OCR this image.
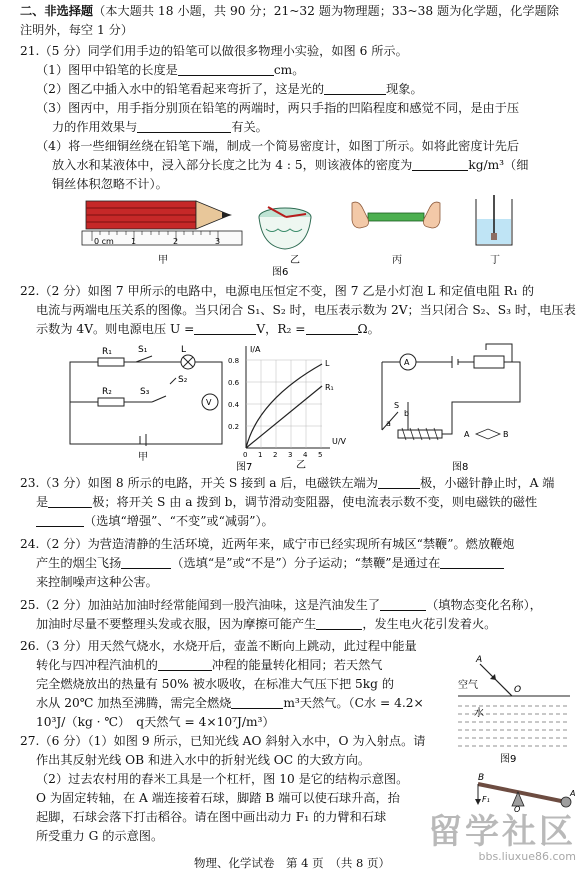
二、非选择题（本大题共 18 小题，共 90 分；21~32 题为物理题；33~38 题为化学题，化学题除
注明外，每空 1 分）
21.（5 分）同学们用手边的铅笔可以做很多物理小实验，如图 6 所示。
（1）图甲中铅笔的长度是	cm。
（2）图乙中插入水中的铅笔看起来弯折了，这是光的	现象。
（3）图丙中，用手指分别顶在铅笔的两端时，两只手指的凹陷程度和感觉不同，是由于压
力的作用效果与	有关。
（4）将一些细铜丝绕在铅笔下端，制成一个简易密度计，如图丁所示。如将此密度计先后
放入水和某液体中，浸入部分长度之比为 4 : 5，则该液体的密度为	kg/m³（细
铜丝体积忽略不计）。
0 cm 1	2	3
甲	乙	丙	丁
图6
22.（2 分）如图 7 甲所示的电路中，电源电压恒定不变，图 7 乙是小灯泡 L 和定值电阻 R₁ 的
电流与两端电压关系的图像。当只闭合 S₁、S₂ 时，电压表示数为 2V；当只闭合 S₂、S₃ 时，电压表
示数为 4V。则电源电压 U =	V，R₂ =	Ω。
R₁
R₂
S₁
S₂
S₃
L
V
甲
I/A
U/V
0.8
0.6
0.4
0.2
0 1 2 3 4 5
L
R₁
乙
图7
A
a
b
S
A	B
图8
23.（3 分）如图 8 所示的电路，开关 S 接到 a 后，电磁铁左端为	极，小磁针静止时，A 端
是	极；将开关 S 由 a 拨到 b，调节滑动变阻器，使电流表示数不变，则电磁铁的磁性
（选填“增强”、“不变”或“减弱”）。
24.（2 分）为营造清静的生活环境，近两年来，咸宁市已经实现所有城区“禁鞭”。燃放鞭炮
产生的烟尘飞扬	（选填“是”或“不是”）分子运动；“禁鞭”是通过在
来控制噪声这种公害。
25.（2 分）加油站加油时经常能闻到一股汽油味，这是汽油发生了	（填物态变化名称），
加油时尽量不要整理头发或衣服，因为摩擦可能产生	，发生电火花引发着火。
26.（3 分）用天然气烧水，水烧开后，壶盖不断向上跳动，此过程中能量
转化与四冲程汽油机的	冲程的能量转化相同；若天然气
完全燃烧放出的热量有 50% 被水吸收，在标准大气压下把 5kg 的
水从 20℃ 加热至沸腾，需完全燃烧	m³天然气。（C水 = 4.2×
10³J/（kg · ℃）　q天然气 = 4×10⁷J/m³）
A
O
空气
水
图9
27.（6 分）（1）如图 9 所示，已知光线 AO 斜射入水中，O 为入射点。请
作出其反射光线 OB 和进入水中的折射光线 OC 的大致方向。
（2）过去农村用的舂米工具是一个杠杆，图 10 是它的结构示意图。
O 为固定转轴，在 A 端连接着石球，脚踏 B 端可以使石球升高，抬
起脚，石球会落下打击稻谷。请在图中画出动力 F₁ 的力臂和石球
所受重力 G 的示意图。
B
F₁
O
A
物理、化学试卷　第 4 页　（共 8 页）
留学社区
bbs.liuxue86.com
